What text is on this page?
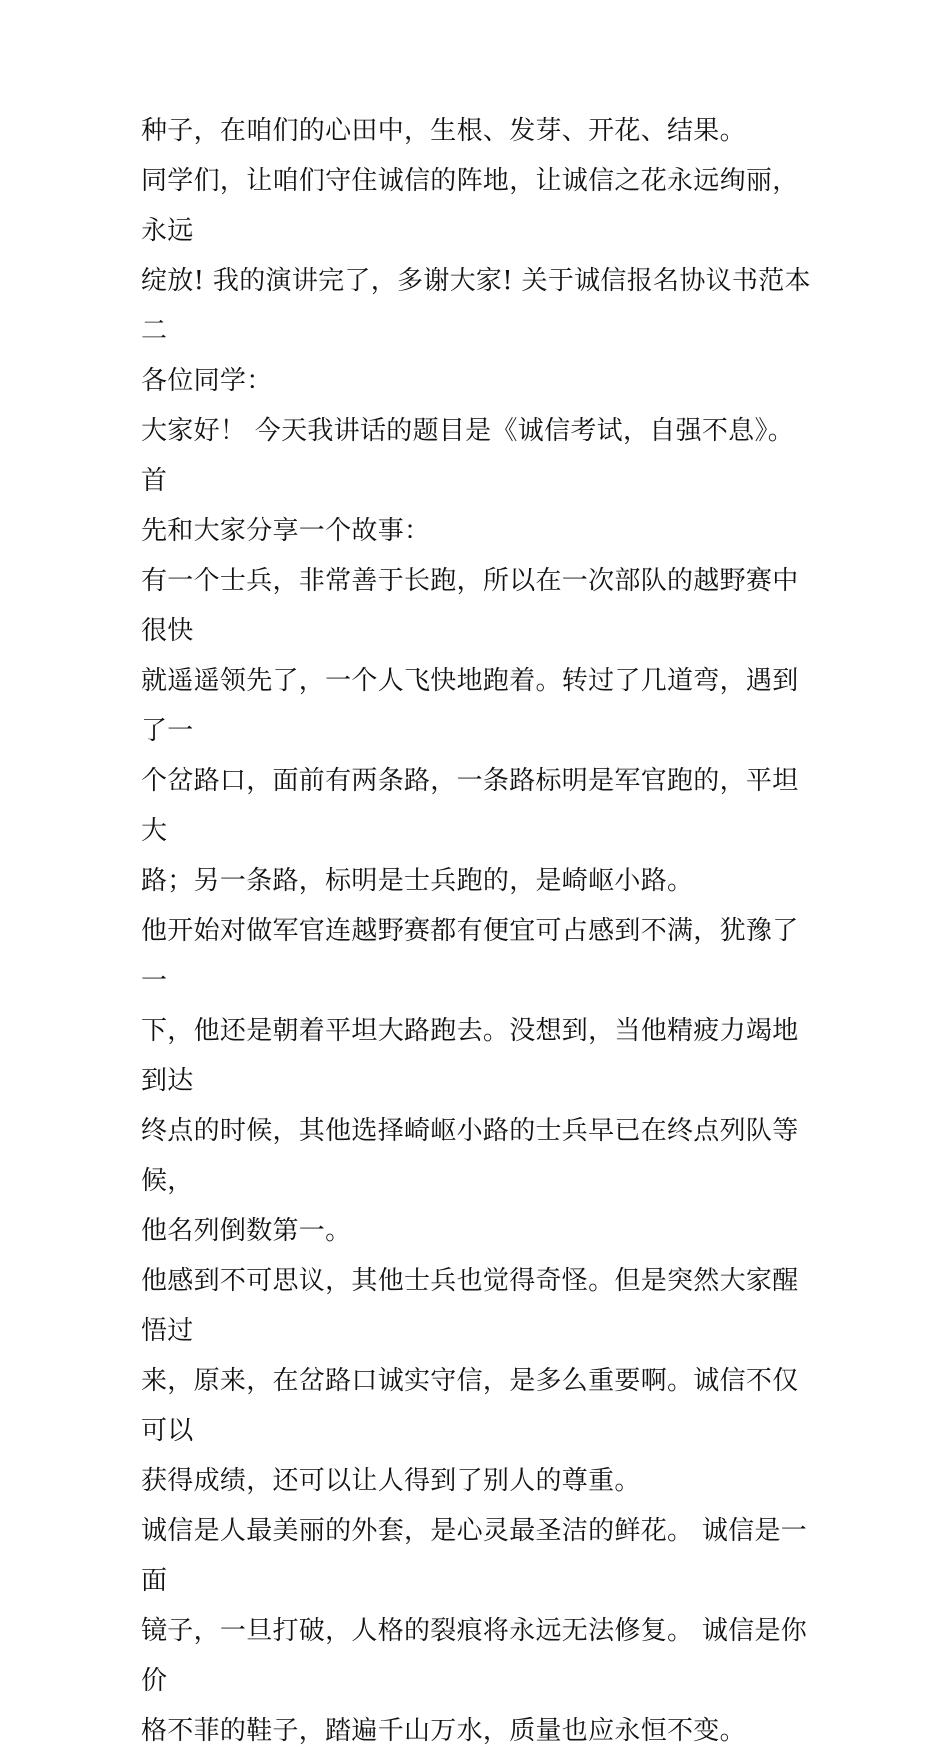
种子，在咱们的心田中，生根、发芽、开花、结果。

同学们，让咱们守住诚信的阵地，让诚信之花永远绚丽，永远
绽放! 我的演讲完了，多谢大家! 关于诚信报名协议书范本二

各位同学：

大家好！ 今天我讲话的题目是《诚信考试，自强不息》。 首
先和大家分享一个故事：

有一个士兵，非常善于长跑，所以在一次部队的越野赛中很快
就遥遥领先了，一个人飞快地跑着。转过了几道弯，遇到了一
个岔路口，面前有两条路，一条路标明是军官跑的，平坦大
路；另一条路，标明是士兵跑的，是崎岖小路。

他开始对做军官连越野赛都有便宜可占感到不满，犹豫了一
下，他还是朝着平坦大路跑去。没想到，当他精疲力竭地到达
终点的时候，其他选择崎岖小路的士兵早已在终点列队等候，
他名列倒数第一。

他感到不可思议，其他士兵也觉得奇怪。但是突然大家醒悟过
来，原来，在岔路口诚实守信，是多么重要啊。诚信不仅可以
获得成绩，还可以让人得到了别人的尊重。

诚信是人最美丽的外套，是心灵最圣洁的鲜花。 诚信是一面
镜子，一旦打破，人格的裂痕将永远无法修复。 诚信是你价
格不菲的鞋子，踏遍千山万水，质量也应永恒不变。
